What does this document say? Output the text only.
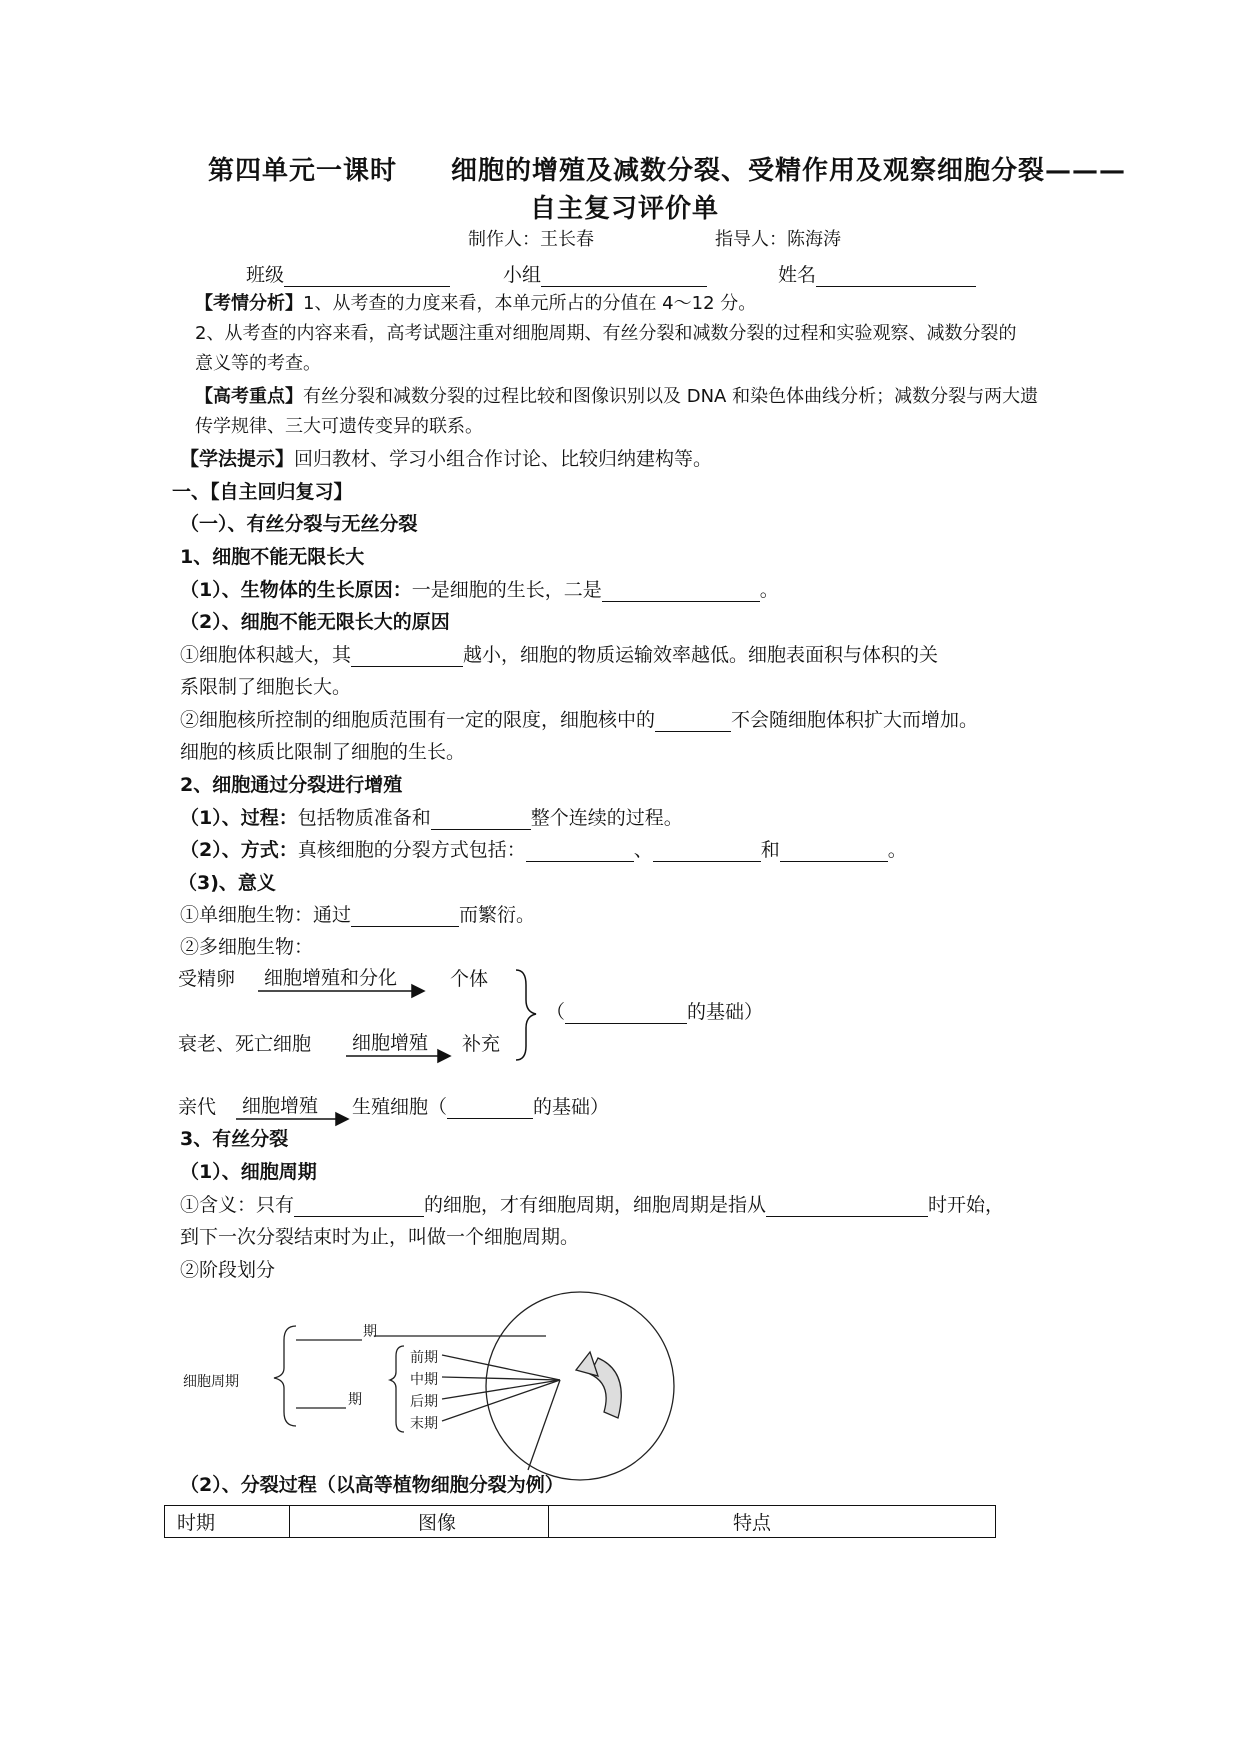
第四单元一课时　　细胞的增殖及减数分裂、受精作用及观察细胞分裂———
自主复习评价单
制作人：王长春	指导人：陈海涛
班级	小组	姓名
【考情分析】1、从考查的力度来看，本单元所占的分值在 4～12 分。
2、从考查的内容来看，高考试题注重对细胞周期、有丝分裂和减数分裂的过程和实验观察、减数分裂的
意义等的考查。
【高考重点】有丝分裂和减数分裂的过程比较和图像识别以及 DNA 和染色体曲线分析；减数分裂与两大遗
传学规律、三大可遗传变异的联系。
【学法提示】回归教材、学习小组合作讨论、比较归纳建构等。
一、【自主回归复习】
（一）、有丝分裂与无丝分裂
1、细胞不能无限长大
（1）、生物体的生长原因：一是细胞的生长，二是	。
（2）、细胞不能无限长大的原因
①细胞体积越大，其	越小，细胞的物质运输效率越低。细胞表面积与体积的关
系限制了细胞长大。
②细胞核所控制的细胞质范围有一定的限度，细胞核中的	不会随细胞体积扩大而增加。
细胞的核质比限制了细胞的生长。
2、细胞通过分裂进行增殖
（1）、过程：包括物质准备和	整个连续的过程。
（2）、方式：真核细胞的分裂方式包括：	、	和	。
（3)、意义
①单细胞生物：通过	而繁衍。
②多细胞生物：
受精卵 细胞增殖和分化	个体
（	的基础）
衰老、死亡细胞 细胞增殖 补充
亲代 细胞增殖 生殖细胞（	的基础）
3、有丝分裂
（1）、细胞周期
①含义：只有	的细胞，才有细胞周期，细胞周期是指从	时开始，
到下一次分裂结束时为止，叫做一个细胞周期。
②阶段划分
细胞周期
期
期
前期
中期
后期
末期
（2）、分裂过程（以高等植物细胞分裂为例）
时期	图像	特点
